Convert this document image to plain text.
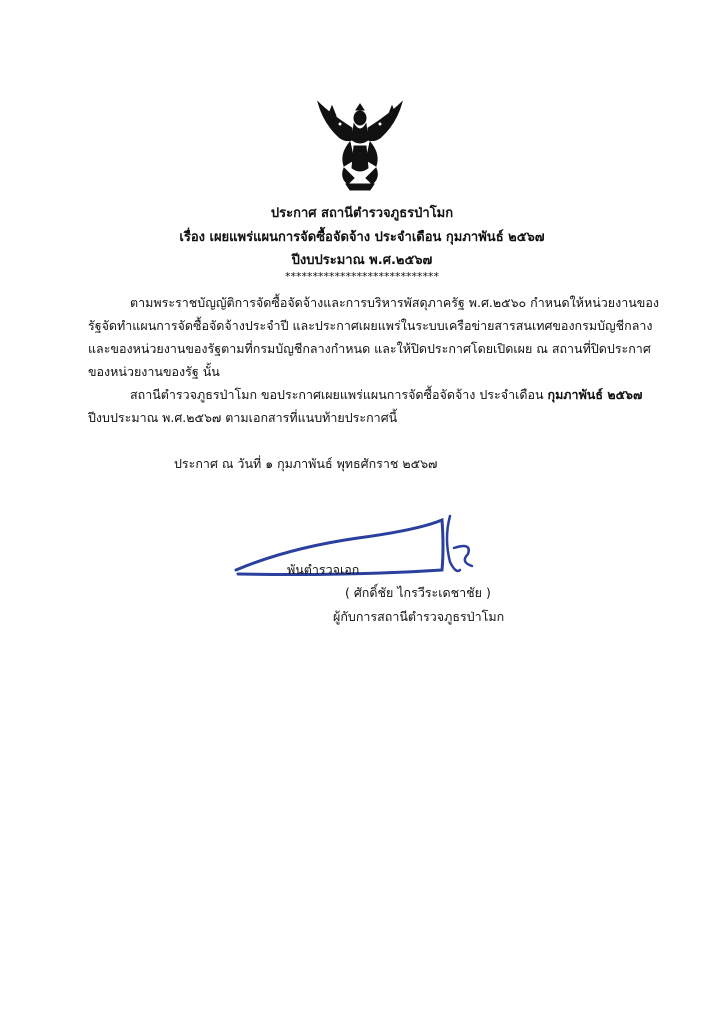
ประกาศ สถานีตำรวจภูธรป่าโมก
เรื่อง เผยแพร่แผนการจัดซื้อจัดจ้าง ประจำเดือน กุมภาพันธ์ ๒๕๖๗
ปีงบประมาณ พ.ศ.๒๕๖๗
****************************
ตามพระราชบัญญัติการจัดซื้อจัดจ้างและการบริหารพัสดุภาครัฐ พ.ศ.๒๕๖๐ กำหนดให้หน่วยงานของ
รัฐจัดทำแผนการจัดซื้อจัดจ้างประจำปี และประกาศเผยแพร่ในระบบเครือข่ายสารสนเทศของกรมบัญชีกลาง
และของหน่วยงานของรัฐตามที่กรมบัญชีกลางกำหนด และให้ปิดประกาศโดยเปิดเผย ณ สถานที่ปิดประกาศ
ของหน่วยงานของรัฐ นั้น
สถานีตำรวจภูธรป่าโมก ขอประกาศเผยแพร่แผนการจัดซื้อจัดจ้าง ประจำเดือน กุมภาพันธ์ ๒๕๖๗
ปีงบประมาณ พ.ศ.๒๕๖๗ ตามเอกสารที่แนบท้ายประกาศนี้
ประกาศ ณ วันที่ ๑ กุมภาพันธ์ พุทธศักราช ๒๕๖๗
พันตำรวจเอก
( ศักดิ์ชัย ไกรวีระเดชาชัย )
ผู้กับการสถานีตำรวจภูธรป่าโมก
